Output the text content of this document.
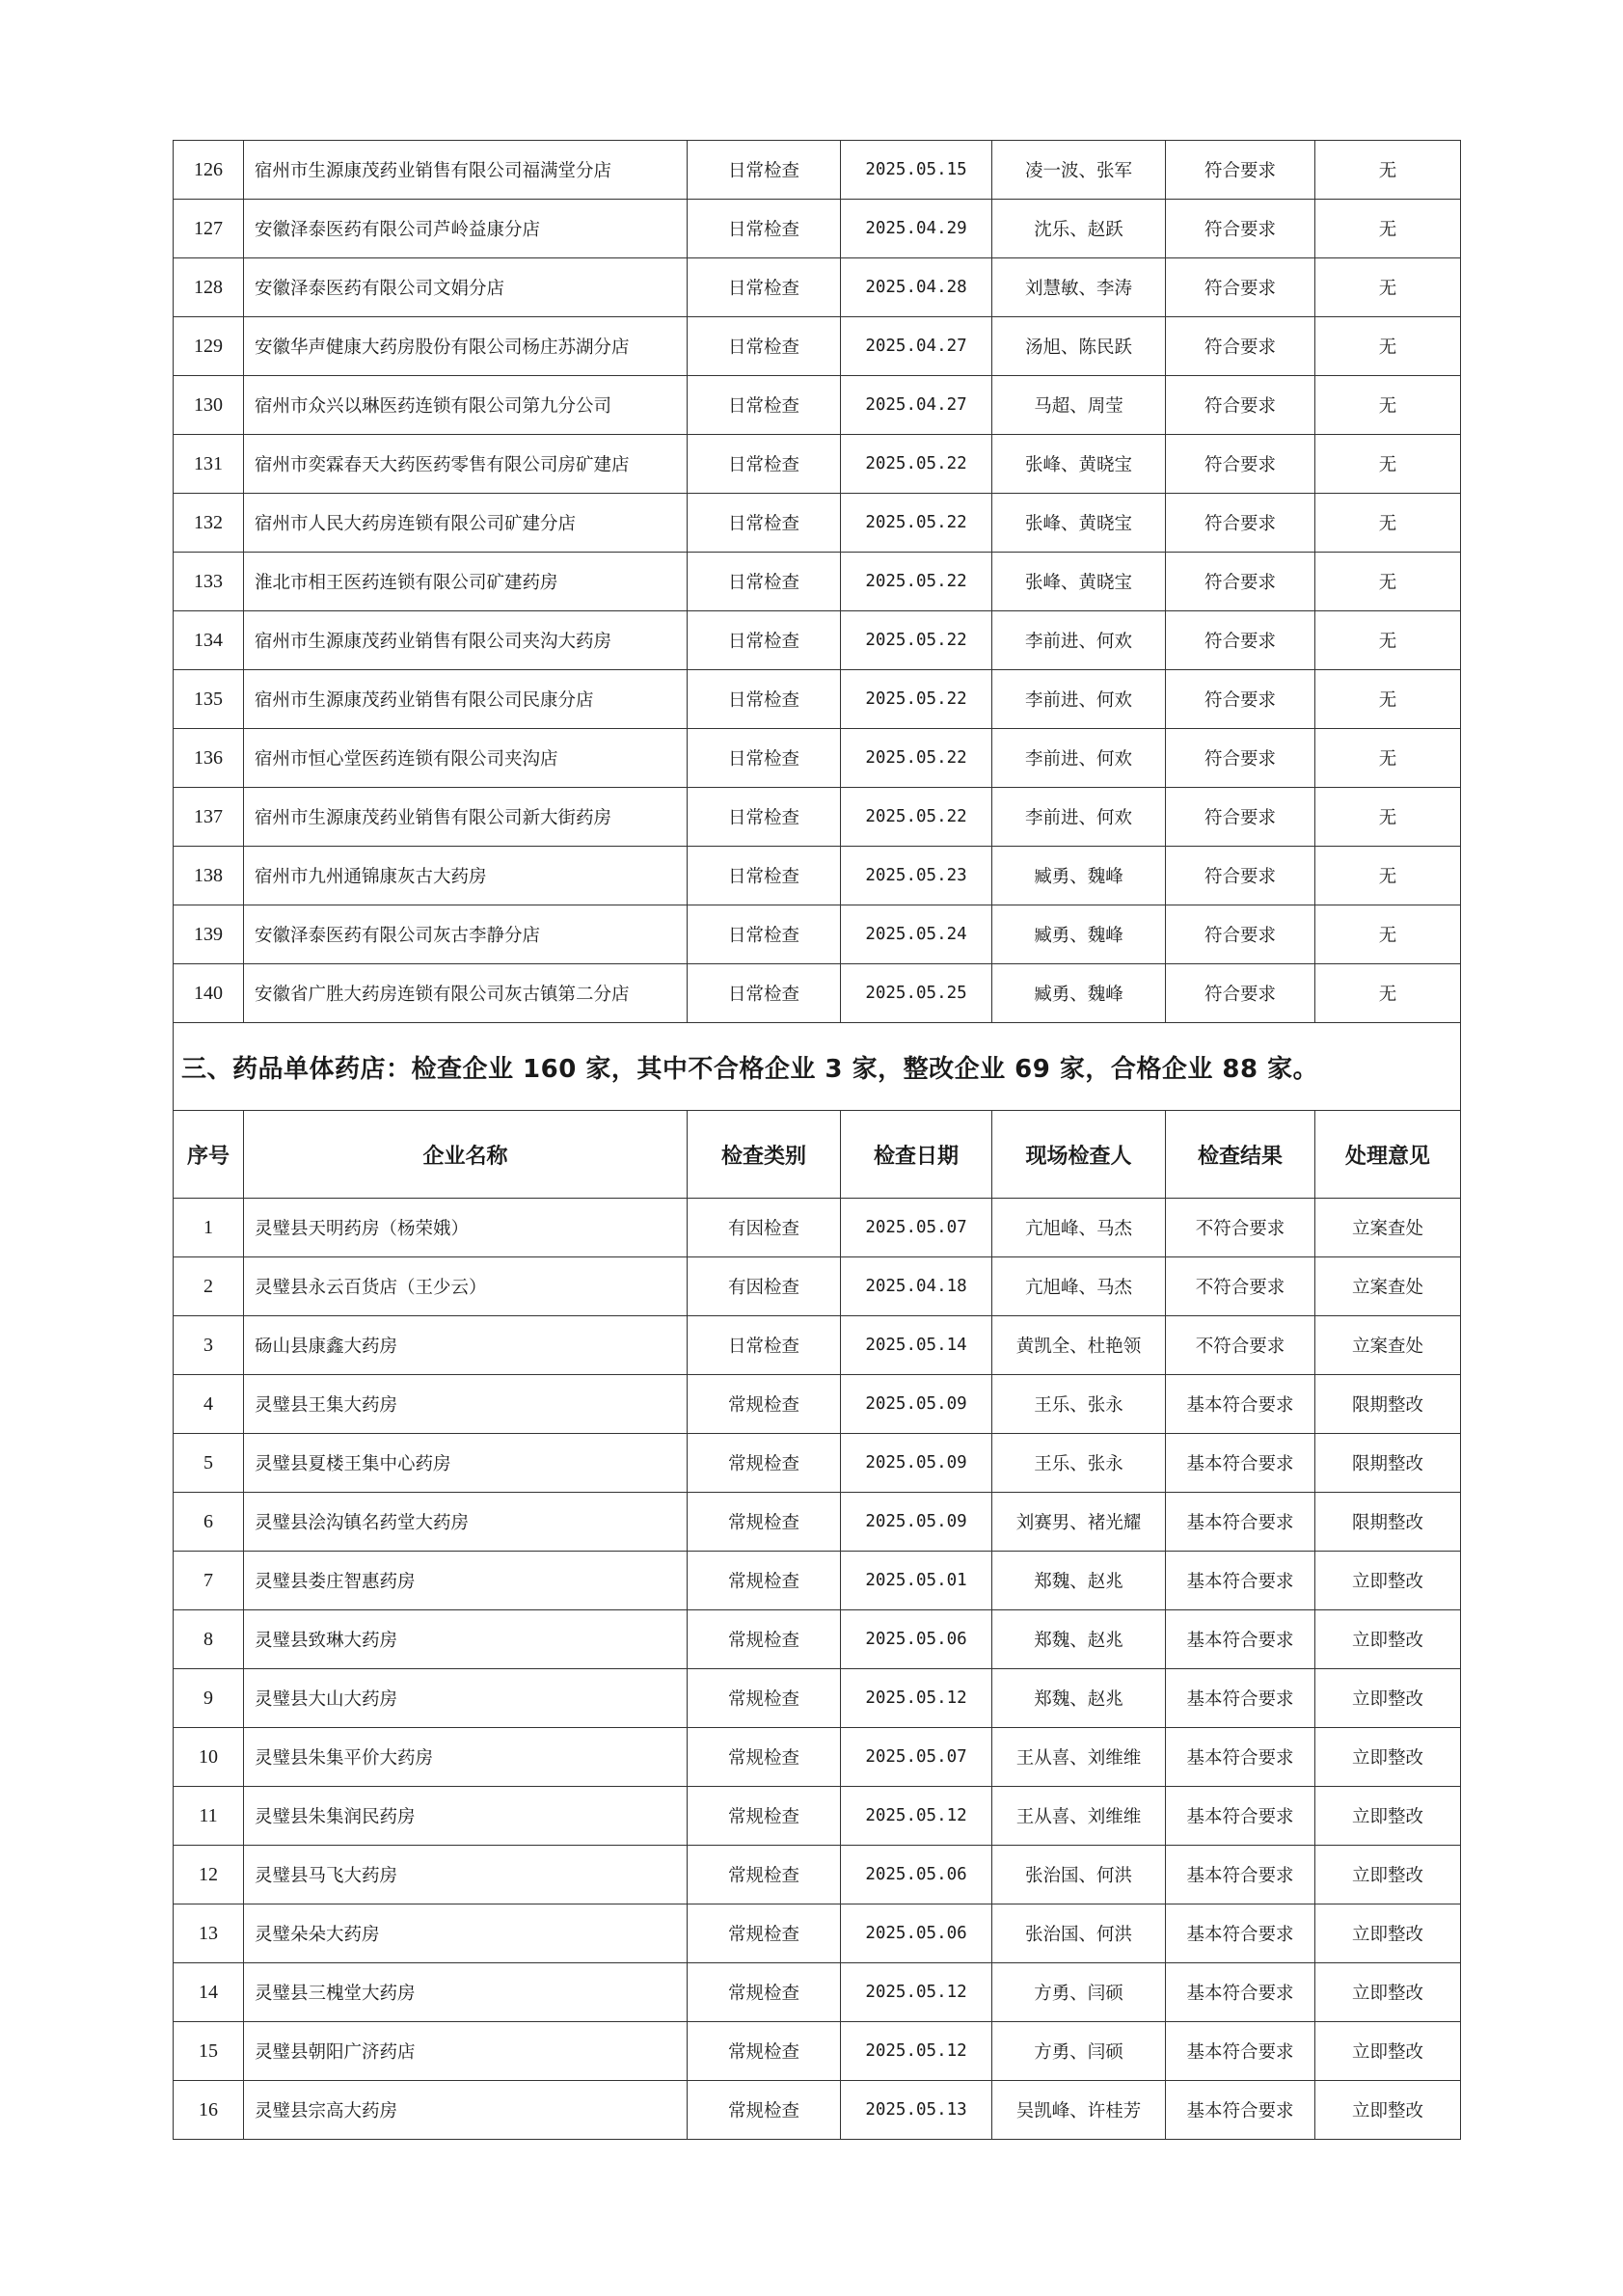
126	宿州市生源康茂药业销售有限公司福满堂分店	日常检查	2025.05.15	凌一波、张军	符合要求	无
127	安徽泽泰医药有限公司芦岭益康分店	日常检查	2025.04.29	沈乐、赵跃	符合要求	无
128	安徽泽泰医药有限公司文娟分店	日常检查	2025.04.28	刘慧敏、李涛	符合要求	无
129	安徽华声健康大药房股份有限公司杨庄苏湖分店	日常检查	2025.04.27	汤旭、陈民跃	符合要求	无
130	宿州市众兴以琳医药连锁有限公司第九分公司	日常检查	2025.04.27	马超、周莹	符合要求	无
131	宿州市奕霖春天大药医药零售有限公司房矿建店	日常检查	2025.05.22	张峰、黄晓宝	符合要求	无
132	宿州市人民大药房连锁有限公司矿建分店	日常检查	2025.05.22	张峰、黄晓宝	符合要求	无
133	淮北市相王医药连锁有限公司矿建药房	日常检查	2025.05.22	张峰、黄晓宝	符合要求	无
134	宿州市生源康茂药业销售有限公司夹沟大药房	日常检查	2025.05.22	李前进、何欢	符合要求	无
135	宿州市生源康茂药业销售有限公司民康分店	日常检查	2025.05.22	李前进、何欢	符合要求	无
136	宿州市恒心堂医药连锁有限公司夹沟店	日常检查	2025.05.22	李前进、何欢	符合要求	无
137	宿州市生源康茂药业销售有限公司新大街药房	日常检查	2025.05.22	李前进、何欢	符合要求	无
138	宿州市九州通锦康灰古大药房	日常检查	2025.05.23	臧勇、魏峰	符合要求	无
139	安徽泽泰医药有限公司灰古李静分店	日常检查	2025.05.24	臧勇、魏峰	符合要求	无
140	安徽省广胜大药房连锁有限公司灰古镇第二分店	日常检查	2025.05.25	臧勇、魏峰	符合要求	无
三、药品单体药店：检查企业 160 家，其中不合格企业 3 家，整改企业 69 家，合格企业 88 家。						
序号	企业名称	检查类别	检查日期	现场检查人	检查结果	处理意见
1	灵璧县天明药房（杨荣娥）	有因检查	2025.05.07	亢旭峰、马杰	不符合要求	立案查处
2	灵璧县永云百货店（王少云）	有因检查	2025.04.18	亢旭峰、马杰	不符合要求	立案查处
3	砀山县康鑫大药房	日常检查	2025.05.14	黄凯全、杜艳领	不符合要求	立案查处
4	灵璧县王集大药房	常规检查	2025.05.09	王乐、张永	基本符合要求	限期整改
5	灵璧县夏楼王集中心药房	常规检查	2025.05.09	王乐、张永	基本符合要求	限期整改
6	灵璧县浍沟镇名药堂大药房	常规检查	2025.05.09	刘赛男、褚光耀	基本符合要求	限期整改
7	灵璧县娄庄智惠药房	常规检查	2025.05.01	郑魏、赵兆	基本符合要求	立即整改
8	灵璧县致琳大药房	常规检查	2025.05.06	郑魏、赵兆	基本符合要求	立即整改
9	灵璧县大山大药房	常规检查	2025.05.12	郑魏、赵兆	基本符合要求	立即整改
10	灵璧县朱集平价大药房	常规检查	2025.05.07	王从喜、刘维维	基本符合要求	立即整改
11	灵璧县朱集润民药房	常规检查	2025.05.12	王从喜、刘维维	基本符合要求	立即整改
12	灵璧县马飞大药房	常规检查	2025.05.06	张治国、何洪	基本符合要求	立即整改
13	灵璧朵朵大药房	常规检查	2025.05.06	张治国、何洪	基本符合要求	立即整改
14	灵璧县三槐堂大药房	常规检查	2025.05.12	方勇、闫硕	基本符合要求	立即整改
15	灵璧县朝阳广济药店	常规检查	2025.05.12	方勇、闫硕	基本符合要求	立即整改
16	灵璧县宗高大药房	常规检查	2025.05.13	吴凯峰、许桂芳	基本符合要求	立即整改
